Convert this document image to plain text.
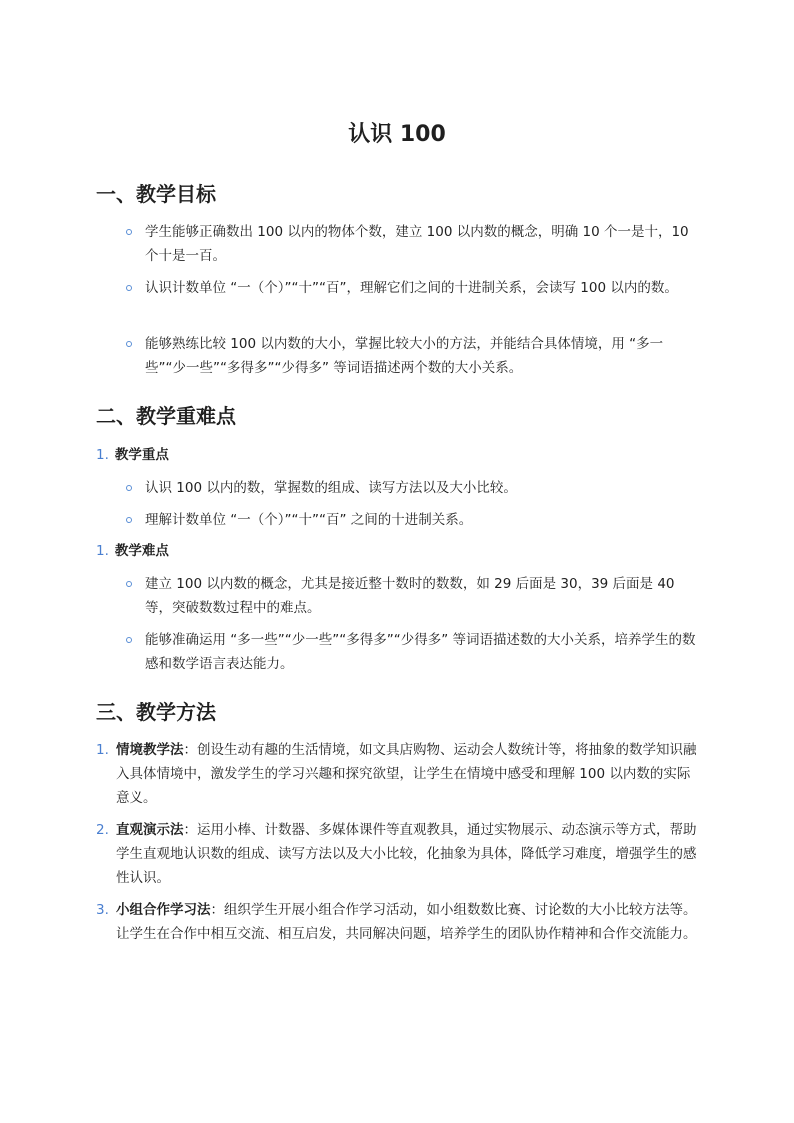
认识 100
一、教学目标
学生能够正确数出 100 以内的物体个数，建立 100 以内数的概念，明确 10 个一是十，10 个十是一百。
认识计数单位 “一（个）”“十”“百”，理解它们之间的十进制关系，会读写 100 以内的数。
能够熟练比较 100 以内数的大小，掌握比较大小的方法，并能结合具体情境，用 “多一些”“少一些”“多得多”“少得多” 等词语描述两个数的大小关系。
二、教学重难点
1. 教学重点
认识 100 以内的数，掌握数的组成、读写方法以及大小比较。
理解计数单位 “一（个）”“十”“百” 之间的十进制关系。
1. 教学难点
建立 100 以内数的概念，尤其是接近整十数时的数数，如 29 后面是 30，39 后面是 40 等，突破数数过程中的难点。
能够准确运用 “多一些”“少一些”“多得多”“少得多” 等词语描述数的大小关系，培养学生的数感和数学语言表达能力。
三、教学方法
1. 情境教学法：创设生动有趣的生活情境，如文具店购物、运动会人数统计等，将抽象的数学知识融入具体情境中，激发学生的学习兴趣和探究欲望，让学生在情境中感受和理解 100 以内数的实际意义。
2. 直观演示法：运用小棒、计数器、多媒体课件等直观教具，通过实物展示、动态演示等方式，帮助学生直观地认识数的组成、读写方法以及大小比较，化抽象为具体，降低学习难度，增强学生的感性认识。
3. 小组合作学习法：组织学生开展小组合作学习活动，如小组数数比赛、讨论数的大小比较方法等。让学生在合作中相互交流、相互启发，共同解决问题，培养学生的团队协作精神和合作交流能力。
